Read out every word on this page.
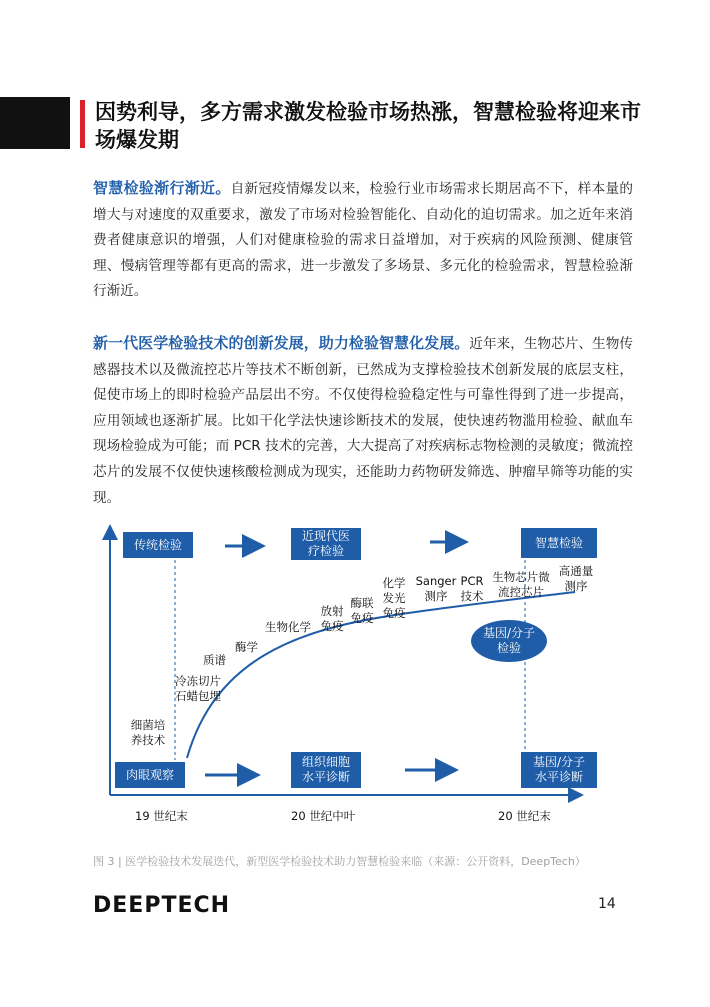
因势利导，多方需求激发检验市场热涨，智慧检验将迎来市场爆发期
智慧检验渐行渐近。自新冠疫情爆发以来，检验行业市场需求长期居高不下，样本量的增大与对速度的双重要求，激发了市场对检验智能化、自动化的迫切需求。加之近年来消费者健康意识的增强，人们对健康检验的需求日益增加，对于疾病的风险预测、健康管理、慢病管理等都有更高的需求，进一步激发了多场景、多元化的检验需求，智慧检验渐行渐近。
新一代医学检验技术的创新发展，助力检验智慧化发展。近年来，生物芯片、生物传感器技术以及微流控芯片等技术不断创新，已然成为支撑检验技术创新发展的底层支柱，促使市场上的即时检验产品层出不穷。不仅使得检验稳定性与可靠性得到了进一步提高，应用领域也逐渐扩展。比如干化学法快速诊断技术的发展，使快速药物滥用检验、献血车现场检验成为可能；而 PCR 技术的完善，大大提高了对疾病标志物检测的灵敏度；微流控芯片的发展不仅使快速核酸检测成为现实，还能助力药物研发筛选、肿瘤早筛等功能的实现。
传统检验
近现代医疗检验
智慧检验
肉眼观察
组织细胞水平诊断
基因/分子水平诊断
基因/分子检验
细菌培养技术
冷冻切片石蜡包埋
质谱
酶学
生物化学
放射免疫
酶联免疫
化学发光免疫
Sanger测序
PCR技术
生物芯片微流控芯片
高通量测序
19 世纪末	20 世纪中叶	20 世纪末
图 3 | 医学检验技术发展迭代，新型医学检验技术助力智慧检验来临（来源：公开资料，DeepTech）
DEEPTECH	14
